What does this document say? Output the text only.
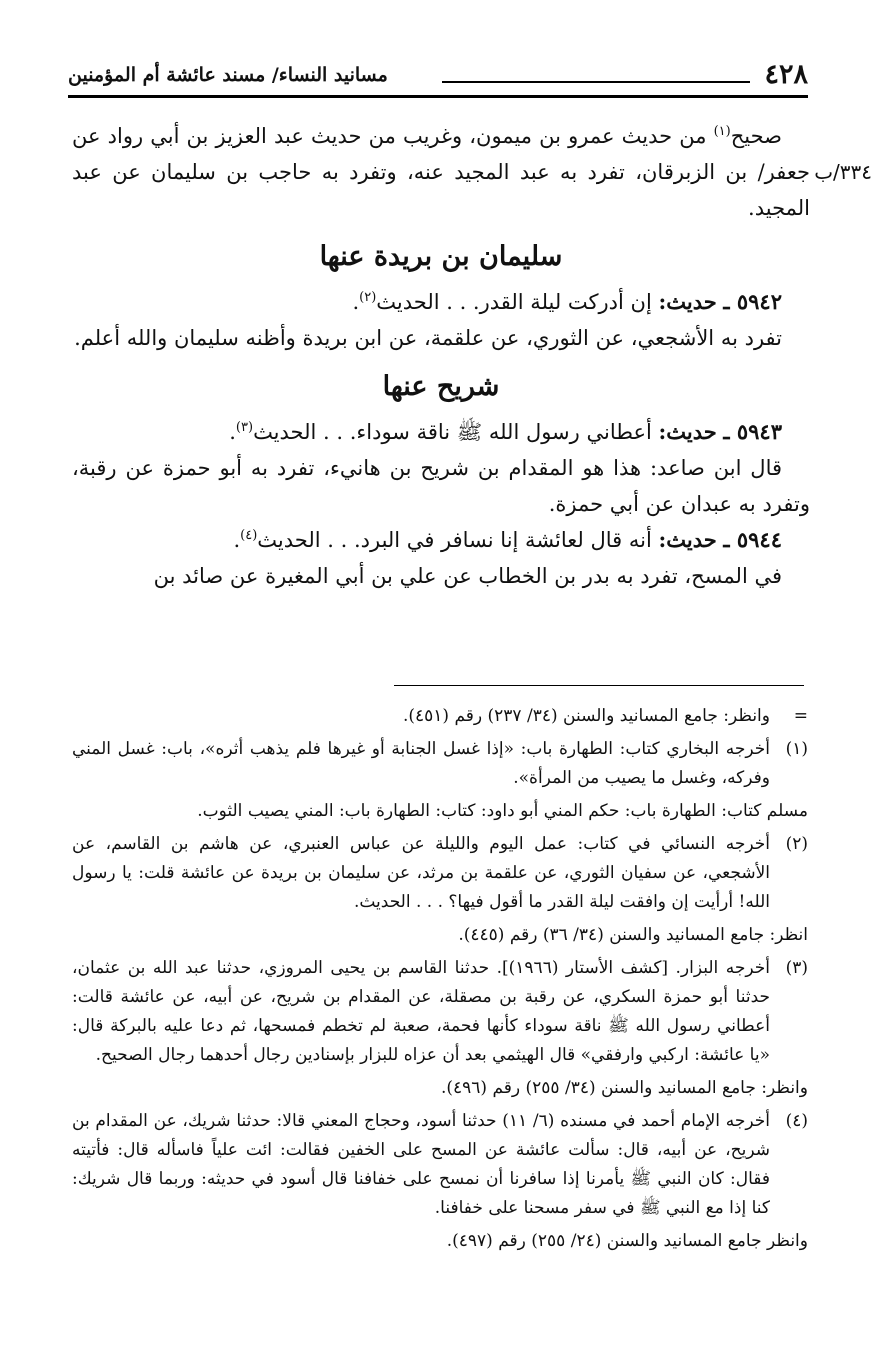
٤٢٨
مسانيد النساء/ مسند عائشة أم المؤمنين
٣٣٤/ب

صحيح$^{(١)}$ من حديث عمرو بن ميمون، وغريب من حديث عبد العزيز بن أبي رواد عن جعفر/ بن الزبرقان، تفرد به عبد المجيد عنه، وتفرد به حاجب بن سليمان عن عبد المجيد.

سليمان بن بريدة عنها

٥٩٤٢ ـ حديث: إن أدركت ليلة القدر. . . الحديث$^{(٢)}$.

تفرد به الأشجعي، عن الثوري، عن علقمة، عن ابن بريدة وأظنه سليمان والله أعلم.

شريح عنها

٥٩٤٣ ـ حديث: أعطاني رسول الله ﷺ ناقة سوداء. . . الحديث$^{(٣)}$.

قال ابن صاعد: هذا هو المقدام بن شريح بن هانيء، تفرد به أبو حمزة عن رقبة، وتفرد به عبدان عن أبي حمزة.

٥٩٤٤ ـ حديث: أنه قال لعائشة إنا نسافر في البرد. . . الحديث$^{(٤)}$.

في المسح، تفرد به بدر بن الخطاب عن علي بن أبي المغيرة عن صائد بن

=
وانظر: جامع المسانيد والسنن (٣٤/ ٢٣٧) رقم (٤٥١).
(١)
أخرجه البخاري كتاب: الطهارة باب: «إذا غسل الجنابة أو غيرها فلم يذهب أثره»، باب: غسل المني وفركه، وغسل ما يصيب من المرأة».
مسلم كتاب: الطهارة باب: حكم المني أبو داود: كتاب: الطهارة باب: المني يصيب الثوب.
(٢)
أخرجه النسائي في كتاب: عمل اليوم والليلة عن عباس العنبري، عن هاشم بن القاسم، عن الأشجعي، عن سفيان الثوري، عن علقمة بن مرثد، عن سليمان بن بريدة عن عائشة قلت: يا رسول الله! أرأيت إن وافقت ليلة القدر ما أقول فيها؟ . . . الحديث.
انظر: جامع المسانيد والسنن (٣٤/ ٣٦) رقم (٤٤٥).
(٣)
أخرجه البزار. [كشف الأستار (١٩٦٦)]. حدثنا القاسم بن يحيى المروزي، حدثنا عبد الله بن عثمان، حدثنا أبو حمزة السكري، عن رقبة بن مصقلة، عن المقدام بن شريح، عن أبيه، عن عائشة قالت: أعطاني رسول الله ﷺ ناقة سوداء كأنها فحمة، صعبة لم تخطم فمسحها، ثم دعا عليه بالبركة قال: «يا عائشة: اركبي وارفقي» قال الهيثمي بعد أن عزاه للبزار بإسنادين رجال أحدهما رجال الصحيح.
وانظر: جامع المسانيد والسنن (٣٤/ ٢٥٥) رقم (٤٩٦).
(٤)
أخرجه الإمام أحمد في مسنده (٦/ ١١) حدثنا أسود، وحجاج المعني قالا: حدثنا شريك، عن المقدام بن شريح، عن أبيه، قال: سألت عائشة عن المسح على الخفين فقالت: ائت علياً فاسأله قال: فأتيته فقال: كان النبي ﷺ يأمرنا إذا سافرنا أن نمسح على خفافنا قال أسود في حديثه: وربما قال شريك: كنا إذا مع النبي ﷺ في سفر مسحنا على خفافنا.
وانظر جامع المسانيد والسنن (٢٤/ ٢٥٥) رقم (٤٩٧).
